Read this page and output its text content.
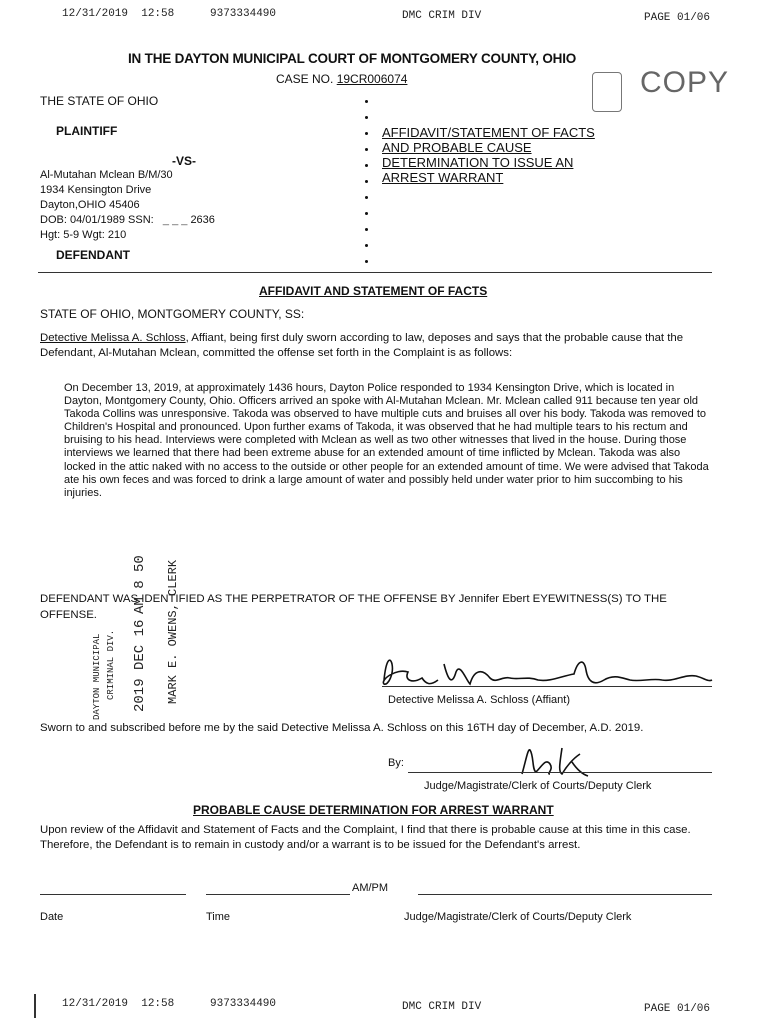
12/31/2019 12:58	9373334490	DMC CRIM DIV	PAGE 01/06
IN THE DAYTON MUNICIPAL COURT OF MONTGOMERY COUNTY, OHIO
CASE NO. 19CR006074	COPY
THE STATE OF OHIO
PLAINTIFF
-VS-
Al-Mutahan Mclean B/M/30
1934 Kensington Drive
Dayton,OHIO 45406
DOB: 04/01/1989 SSN: _ _ _ 2636
Hgt: 5-9 Wgt: 210
DEFENDANT
AFFIDAVIT/STATEMENT OF FACTS
AND PROBABLE CAUSE
DETERMINATION TO ISSUE AN
ARREST WARRANT
AFFIDAVIT AND STATEMENT OF FACTS
STATE OF OHIO, MONTGOMERY COUNTY, SS:
Detective Melissa A. Schloss, Affiant, being first duly sworn according to law, deposes and says that the probable cause that the Defendant, Al-Mutahan Mclean, committed the offense set forth in the Complaint is as follows:
On December 13, 2019, at approximately 1436 hours, Dayton Police responded to 1934 Kensington Drive, which is located in Dayton, Montgomery County, Ohio. Officers arrived an spoke with Al-Mutahan Mclean. Mr. Mclean called 911 because ten year old Takoda Collins was unresponsive. Takoda was observed to have multiple cuts and bruises all over his body. Takoda was removed to Children's Hospital and pronounced. Upon further exams of Takoda, it was observed that he had multiple tears to his rectum and bruising to his head. Interviews were completed with Mclean as well as two other witnesses that lived in the house. During those interviews we learned that there had been extreme abuse for an extended amount of time inflicted by Mclean. Takoda was also locked in the attic naked with no access to the outside or other people for an extended amount of time. We were advised that Takoda ate his own feces and was forced to drink a large amount of water and possibly held under water prior to him succombing to his injuries.
DEFENDANT WAS IDENTIFIED AS THE PERPETRATOR OF THE OFFENSE BY Jennifer Ebert EYEWITNESS(S) TO THE OFFENSE.
DAYTON MUNICIPAL CRIMINAL DIV. 2019 DEC 16
AM 8 50 MARK E. OWENS, CLERK	Detective Melissa A. Schloss (Affiant)
Sworn to and subscribed before me by the said Detective Melissa A. Schloss on this 16TH day of December, A.D. 2019.
By:
Judge/Magistrate/Clerk of Courts/Deputy Clerk
PROBABLE CAUSE DETERMINATION FOR ARREST WARRANT
Upon review of the Affidavit and Statement of Facts and the Complaint, I find that there is probable cause at this time in this case. Therefore, the Defendant is to remain in custody and/or a warrant is to be issued for the Defendant's arrest.
AM/PM
Date	Time	Judge/Magistrate/Clerk of Courts/Deputy Clerk
12/31/2019 12:58	9373334490	DMC CRIM DIV	PAGE 01/06
